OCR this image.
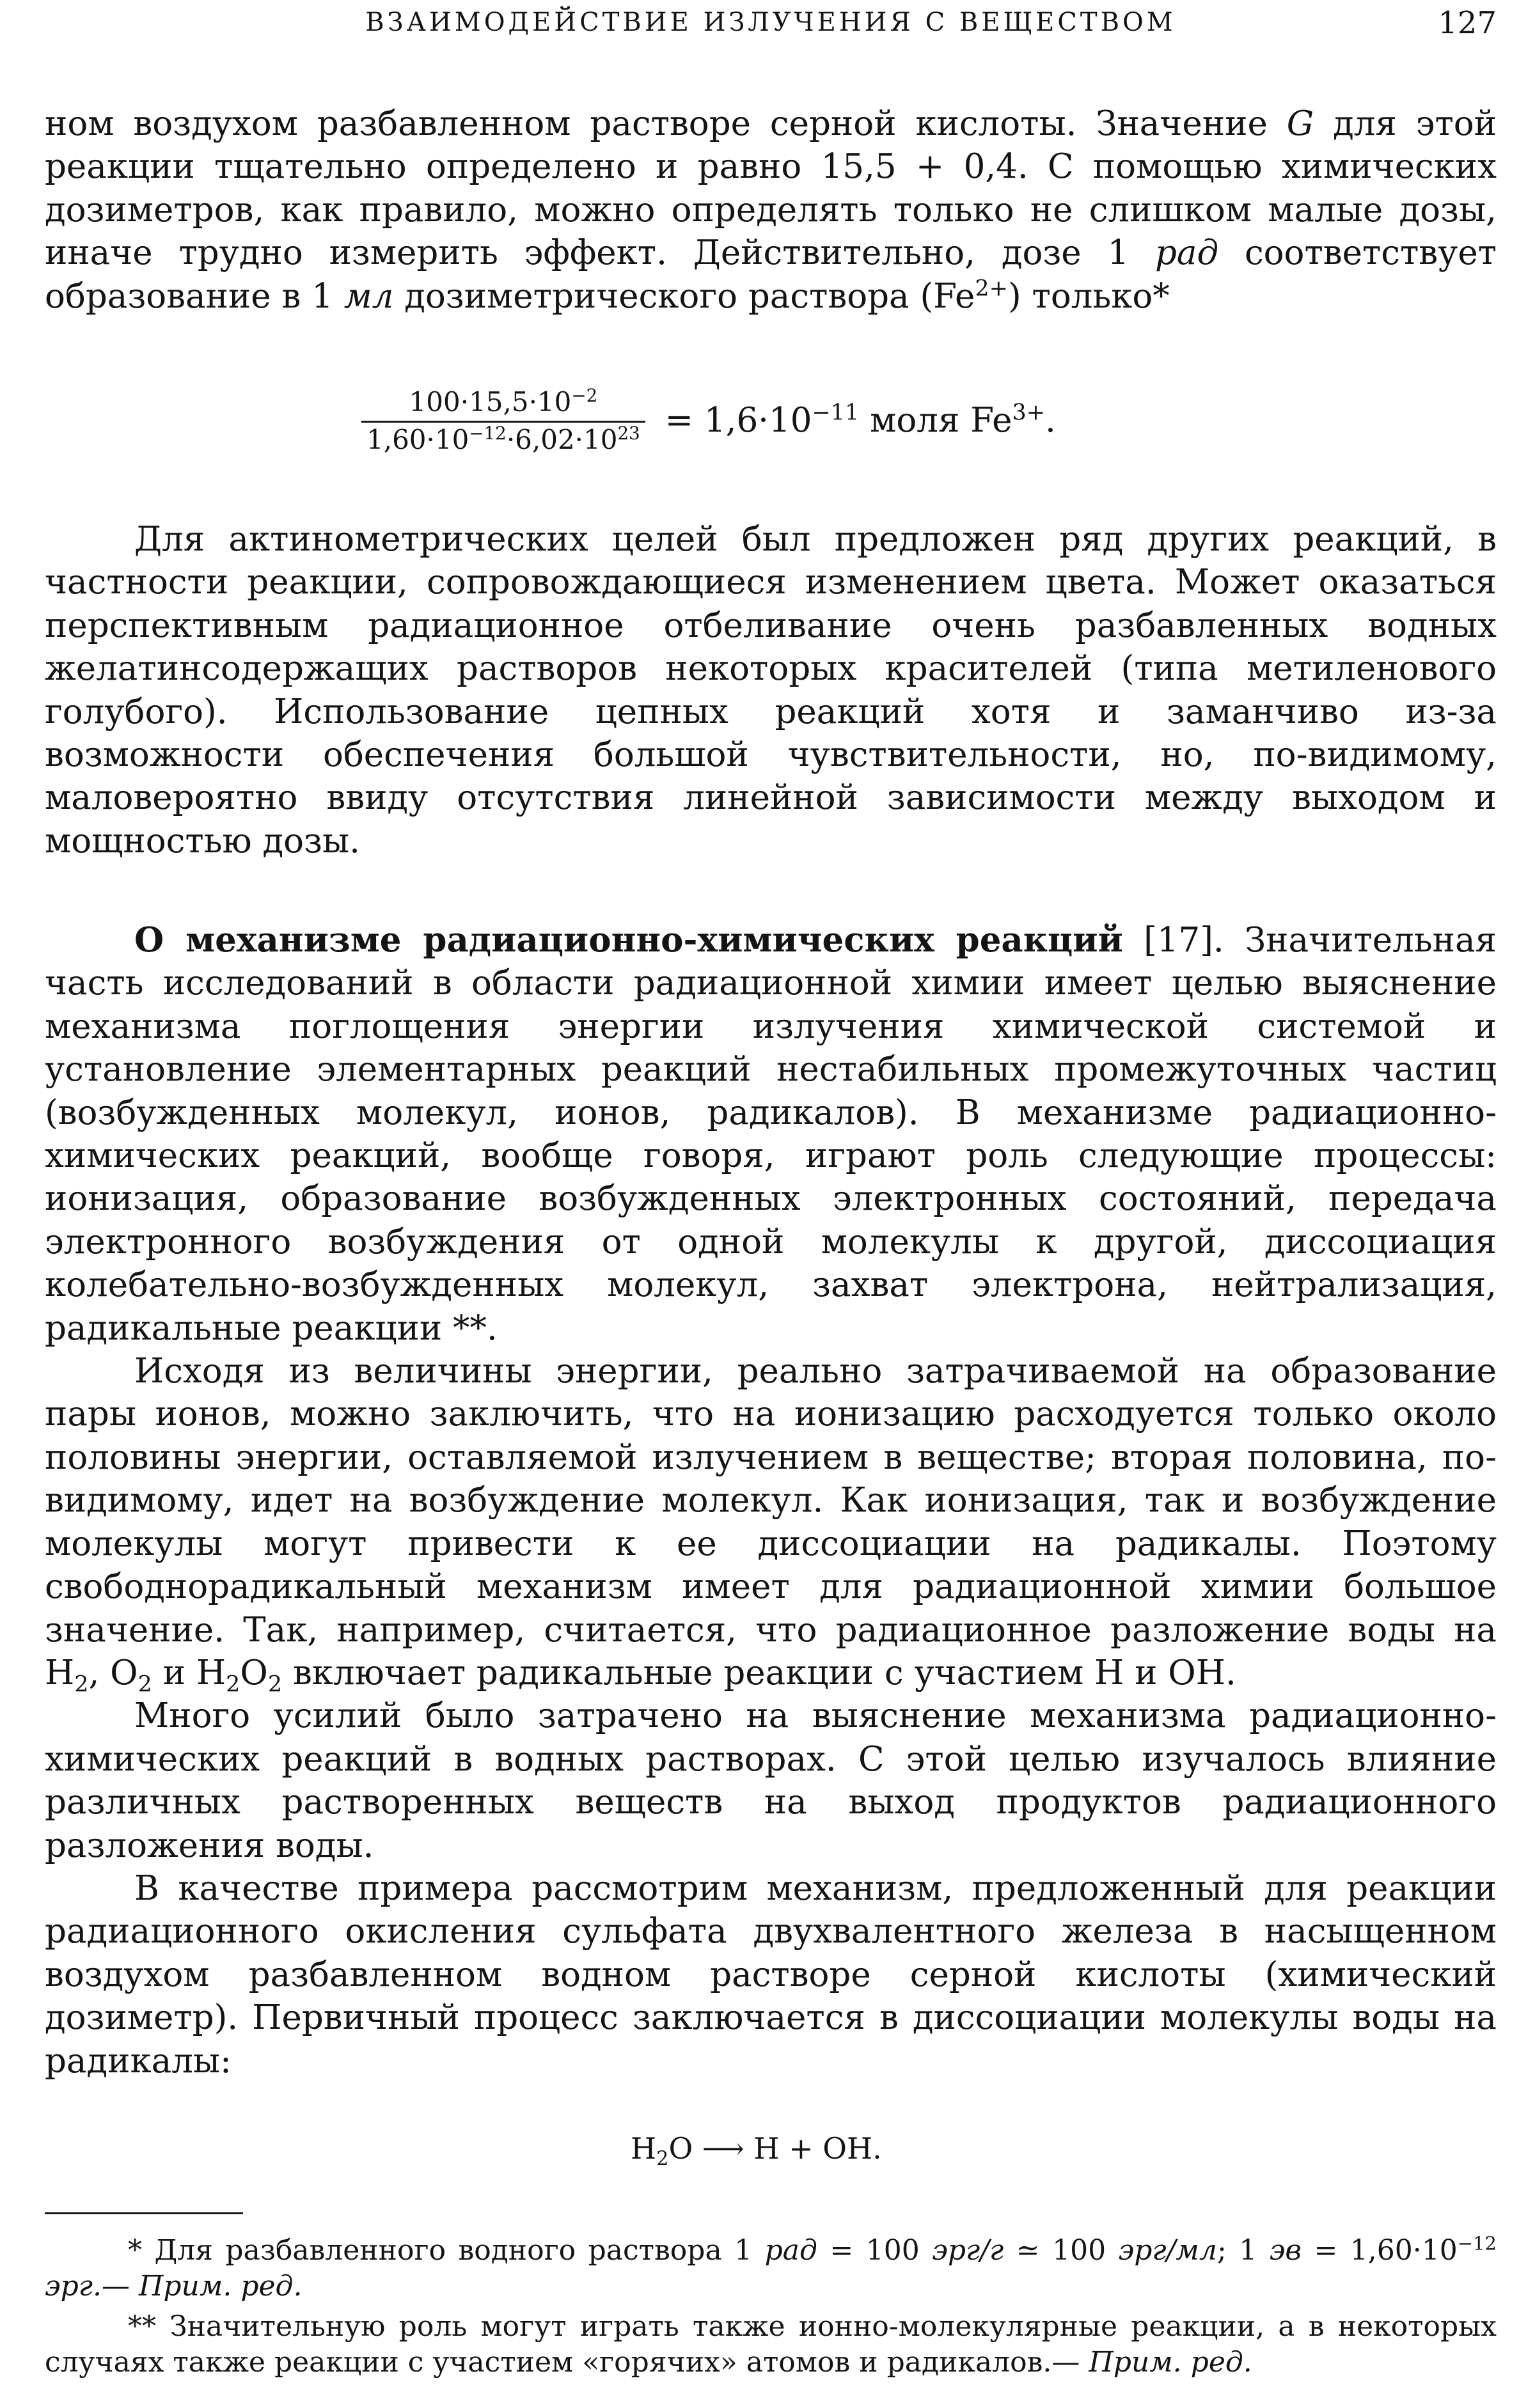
ВЗАИМОДЕЙСТВИЕ ИЗЛУЧЕНИЯ С ВЕЩЕСТВОМ	127

ном воздухом разбавленном растворе серной кислоты. Значение G для этой реакции тщательно определено и равно 15,5 + 0,4. С помощью химических дозиметров, как правило, можно определять только не слишком малые дозы, иначе трудно измерить эффект. Действительно, дозе 1 рад соответствует образование в 1 мл дозиметрического раствора $(Fe^{2+})$ только*

$\frac{100\cdot 15,5\cdot 10^{-2}}{1,60\cdot 10^{-12}\cdot 6,02\cdot 10^{23}} = 1,6\cdot 10^{-11}$ моля $Fe^{3+}$.

Для актинометрических целей был предложен ряд других реакций, в частности реакции, сопровождающиеся изменением цвета. Может оказаться перспективным радиационное отбеливание очень разбавленных водных желатинсодержащих растворов некоторых красителей (типа метиленового голубого). Использование цепных реакций хотя и заманчиво из-за возможности обеспечения большой чувствительности, но, по-видимому, маловероятно ввиду отсутствия линейной зависимости между выходом и мощностью дозы.

О механизме радиационно-химических реакций [17]. Значительная часть исследований в области радиационной химии имеет целью выяснение механизма поглощения энергии излучения химической системой и установление элементарных реакций нестабильных промежуточных частиц (возбужденных молекул, ионов, радикалов). В механизме радиационно-химических реакций, вообще говоря, играют роль следующие процессы: ионизация, образование возбужденных электронных состояний, передача электронного возбуждения от одной молекулы к другой, диссоциация колебательно-возбужденных молекул, захват электрона, нейтрализация, радикальные реакции **.

Исходя из величины энергии, реально затрачиваемой на образование пары ионов, можно заключить, что на ионизацию расходуется только около половины энергии, оставляемой излучением в веществе; вторая половина, по-видимому, идет на возбуждение молекул. Как ионизация, так и возбуждение молекулы могут привести к ее диссоциации на радикалы. Поэтому свободнорадикальный механизм имеет для радиационной химии большое значение. Так, например, считается, что радиационное разложение воды на $H_2$, $O_2$ и $H_2O_2$ включает радикальные реакции с участием H и OH.

Много усилий было затрачено на выяснение механизма радиационно-химических реакций в водных растворах. С этой целью изучалось влияние различных растворенных веществ на выход продуктов радиационного разложения воды.

В качестве примера рассмотрим механизм, предложенный для реакции радиационного окисления сульфата двухвалентного железа в насыщенном воздухом разбавленном водном растворе серной кислоты (химический дозиметр). Первичный процесс заключается в диссоциации молекулы воды на радикалы:

$H_2O$ ⟶ H + OH.
* Для разбавленного водного раствора 1 рад = 100 эрг/г ≃ 100 эрг/мл; 1 эв = $1,60\cdot 10^{-12}$ эрг.— Прим. ред.
** Значительную роль могут играть также ионно-молекулярные реакции, а в некоторых случаях также реакции с участием «горячих» атомов и радикалов.— Прим. ред.
